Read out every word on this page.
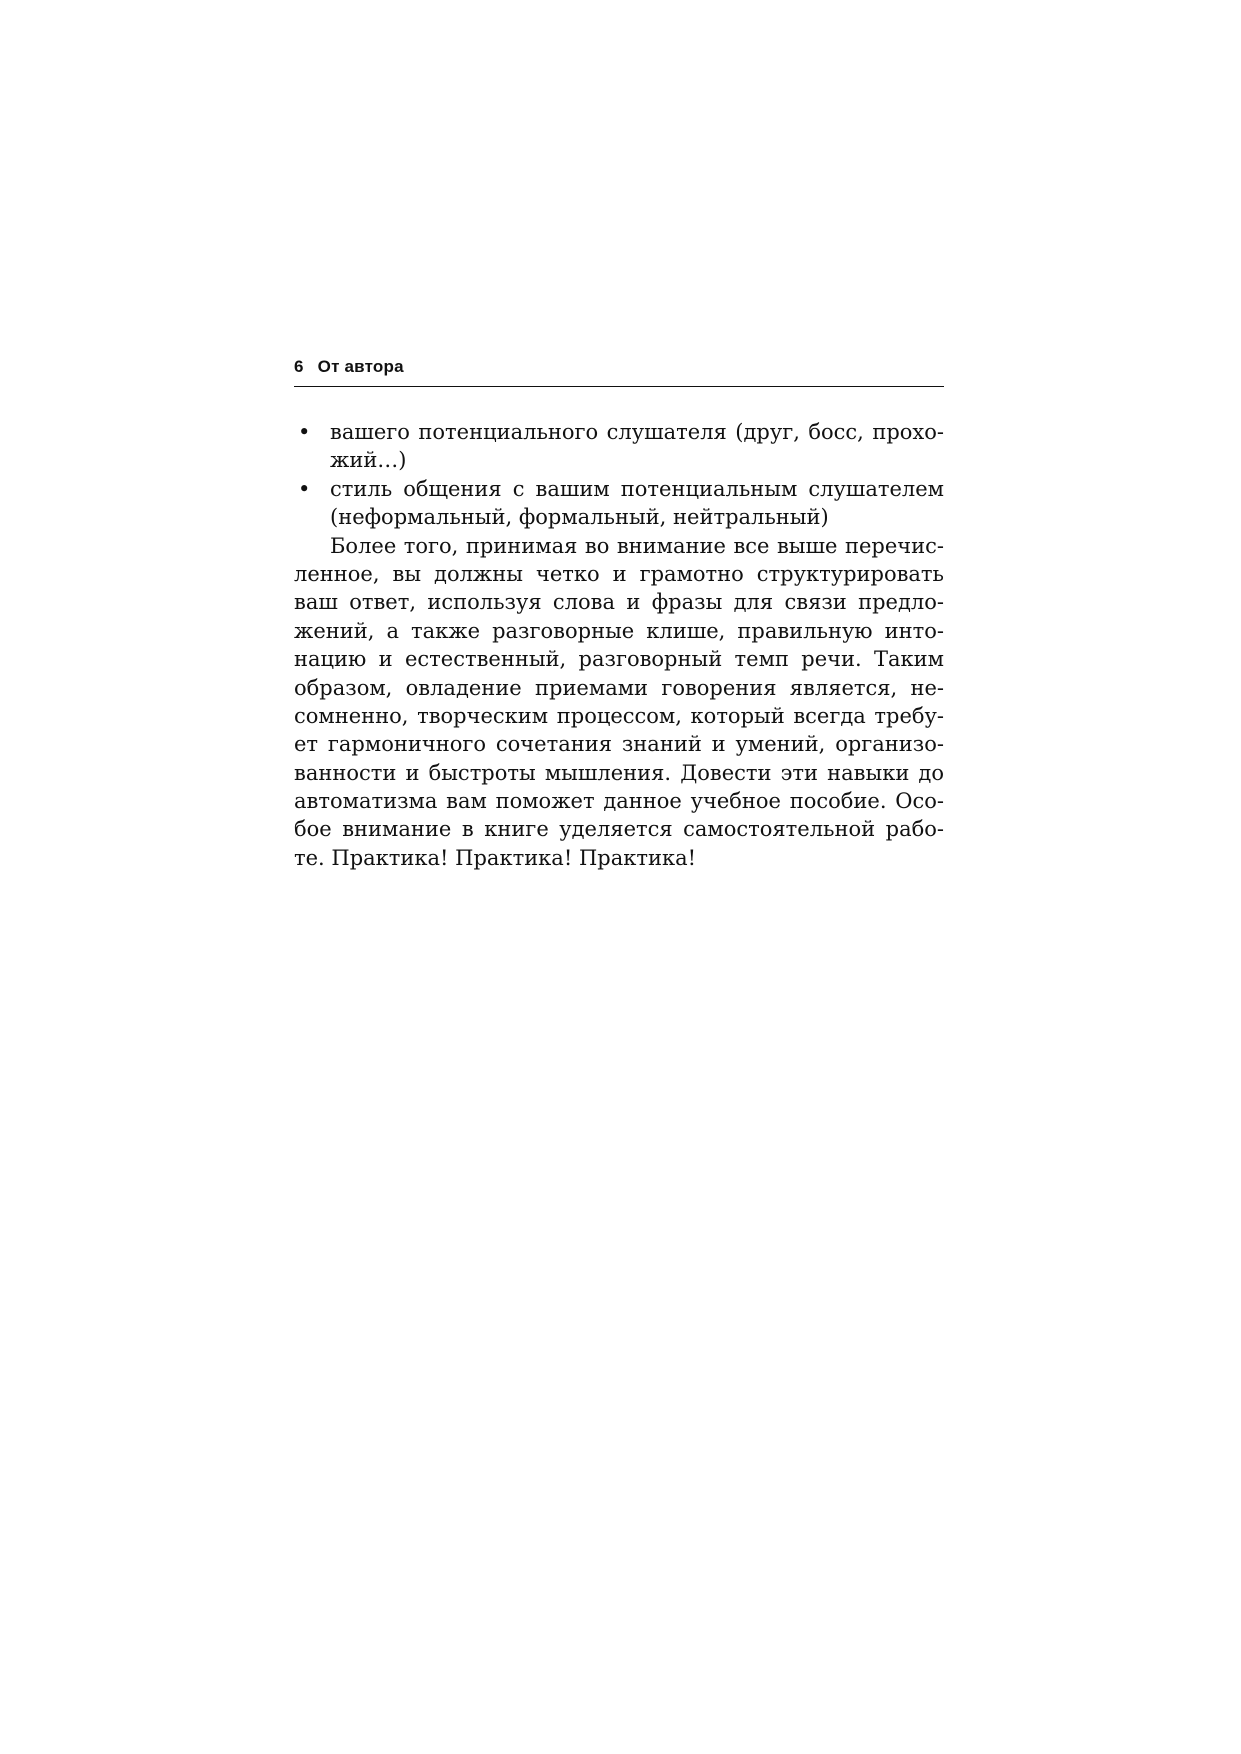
6 От автора
• вашего потенциального слушателя (друг, босс, прохо-
жий…)
• стиль общения с вашим потенциальным слушателем
(неформальный, формальный, нейтральный)
Более того, принимая во внимание все выше перечис-
ленное, вы должны четко и грамотно структурировать
ваш ответ, используя слова и фразы для связи предло-
жений, а также разговорные клише, правильную инто-
нацию и естественный, разговорный темп речи. Таким
образом, овладение приемами говорения является, не-
сомненно, творческим процессом, который всегда требу-
ет гармоничного сочетания знаний и умений, организо-
ванности и быстроты мышления. Довести эти навыки до
автоматизма вам поможет данное учебное пособие. Осо-
бое внимание в книге уделяется самостоятельной рабо-
те. Практика! Практика! Практика!
